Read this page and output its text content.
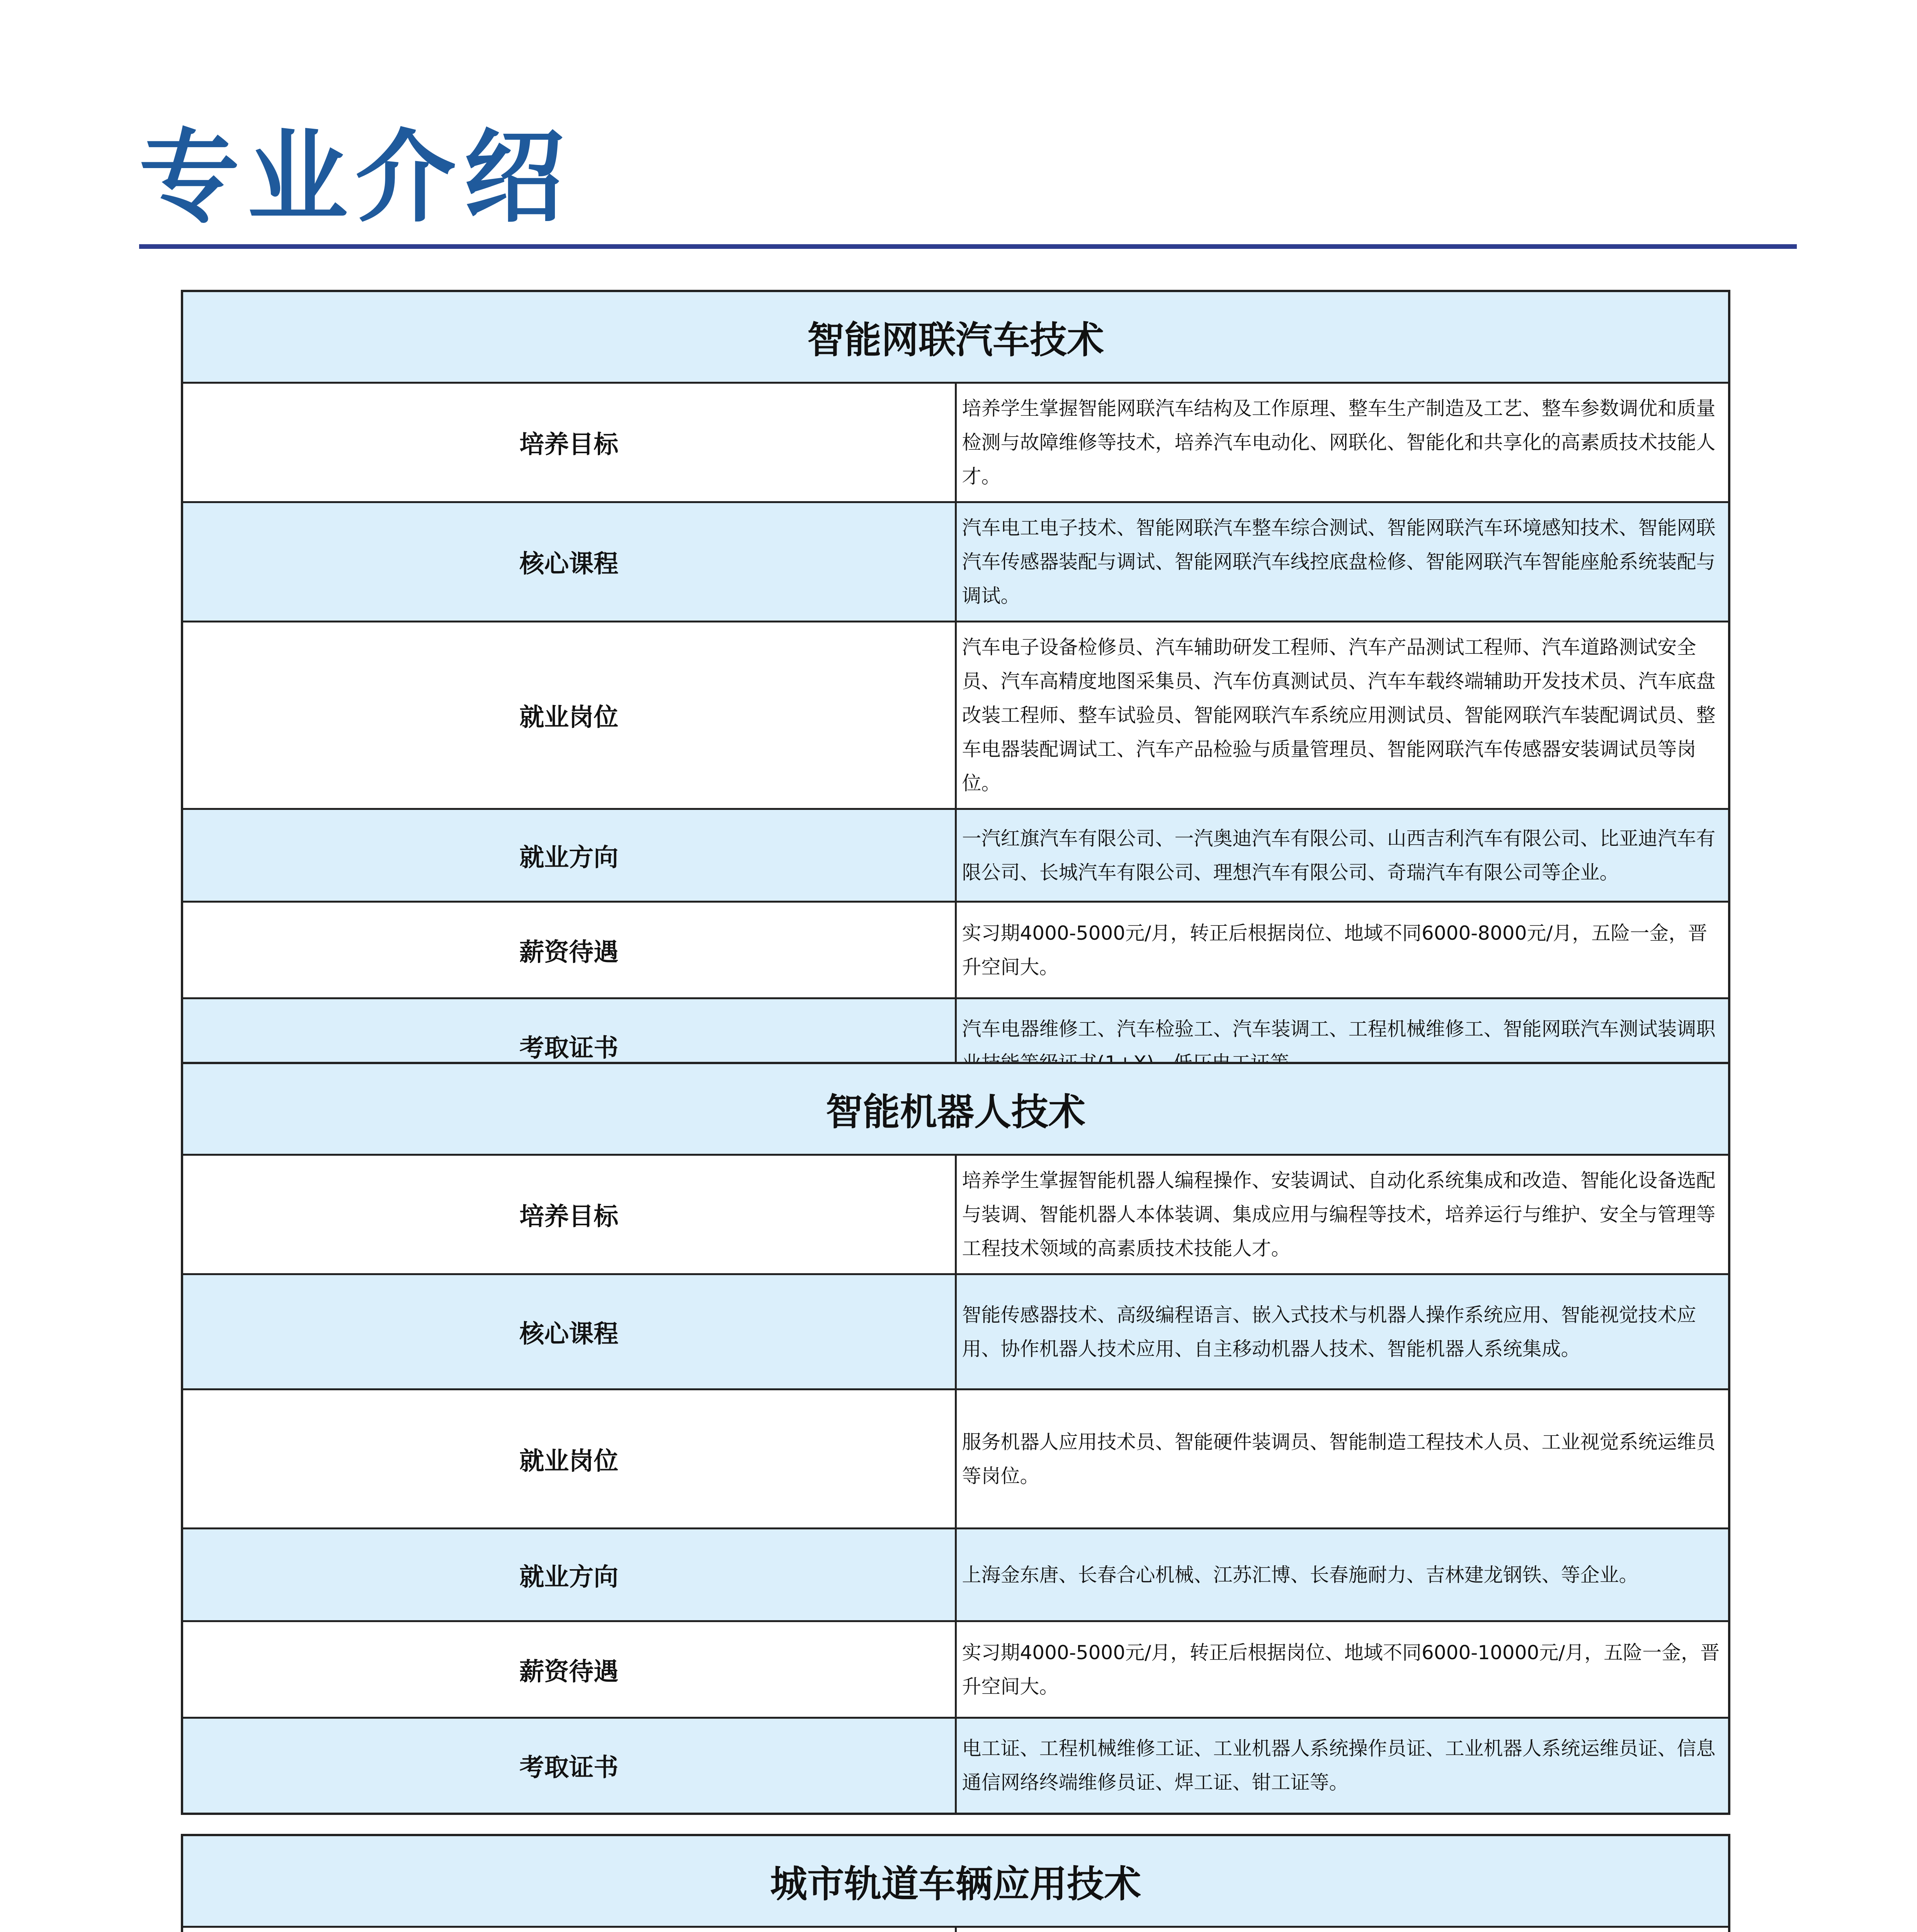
专业介绍
智能网联汽车技术	
培养目标	培养学生掌握智能网联汽车结构及工作原理、整车生产制造及工艺、整车参数调优和质量检测与故障维修等技术，培养汽车电动化、网联化、智能化和共享化的高素质技术技能人才。
核心课程	汽车电工电子技术、智能网联汽车整车综合测试、智能网联汽车环境感知技术、智能网联汽车传感器装配与调试、智能网联汽车线控底盘检修、智能网联汽车智能座舱系统装配与调试。
就业岗位	汽车电子设备检修员、汽车辅助研发工程师、汽车产品测试工程师、汽车道路测试安全员、汽车高精度地图采集员、汽车仿真测试员、汽车车载终端辅助开发技术员、汽车底盘改装工程师、整车试验员、智能网联汽车系统应用测试员、智能网联汽车装配调试员、整车电器装配调试工、汽车产品检验与质量管理员、智能网联汽车传感器安装调试员等岗位。
就业方向	一汽红旗汽车有限公司、一汽奥迪汽车有限公司、山西吉利汽车有限公司、比亚迪汽车有限公司、长城汽车有限公司、理想汽车有限公司、奇瑞汽车有限公司等企业。
薪资待遇	实习期4000-5000元/月，转正后根据岗位、地域不同6000-8000元/月，五险一金，晋升空间大。
考取证书	汽车电器维修工、汽车检验工、汽车装调工、工程机械维修工、智能网联汽车测试装调职
智能机器人技术	
培养目标	培养学生掌握智能机器人编程操作、安装调试、自动化系统集成和改造、智能化设备选配与装调、智能机器人本体装调、集成应用与编程等技术，培养运行与维护、安全与管理等工程技术领域的高素质技术技能人才。
核心课程	智能传感器技术、高级编程语言、嵌入式技术与机器人操作系统应用、智能视觉技术应用、协作机器人技术应用、自主移动机器人技术、智能机器人系统集成。
就业岗位	服务机器人应用技术员、智能硬件装调员、智能制造工程技术人员、工业视觉系统运维员等岗位。
就业方向	上海金东唐、长春合心机械、江苏汇博、长春施耐力、吉林建龙钢铁、等企业。
薪资待遇	实习期4000-5000元/月，转正后根据岗位、地域不同6000-10000元/月，五险一金，晋升空间大。
考取证书	电工证、工程机械维修工证、工业机器人系统操作员证、工业机器人系统运维员证、信息通信网络终端维修员证、焊工证、钳工证等。
城市轨道车辆应用技术	
